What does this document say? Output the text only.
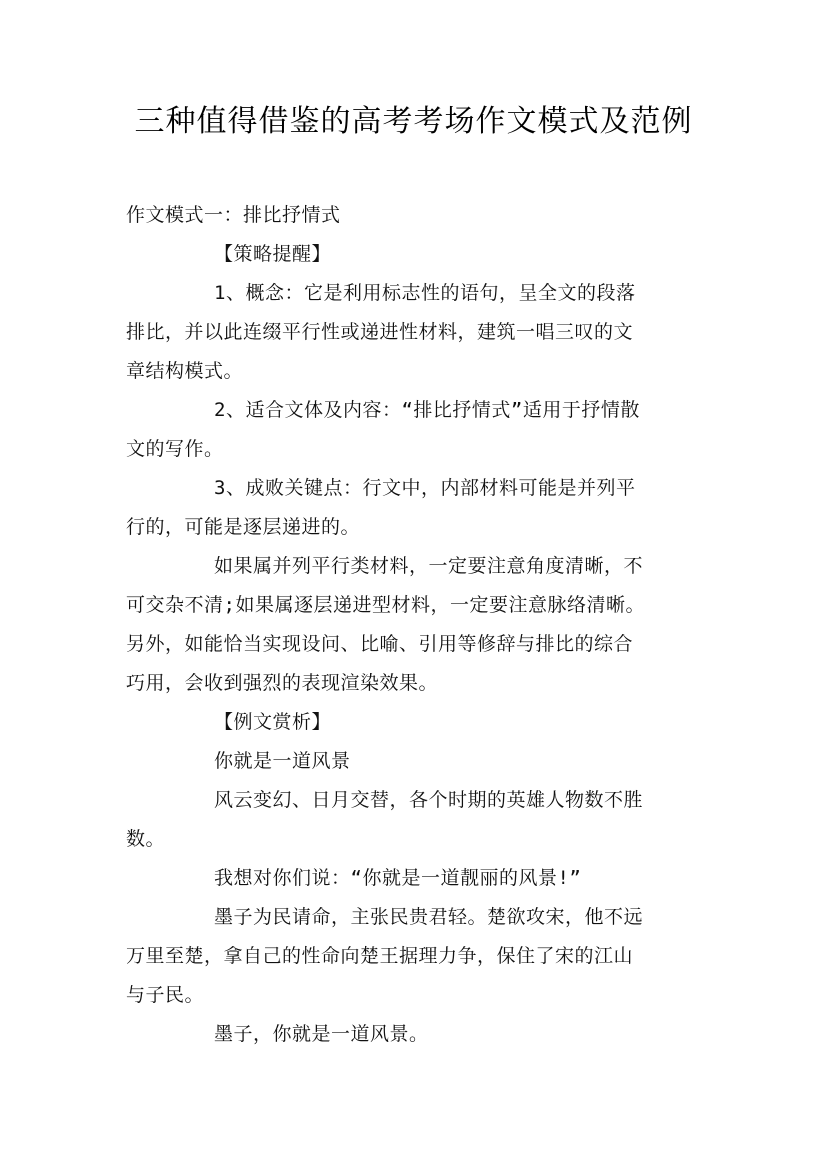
三种值得借鉴的高考考场作文模式及范例
作文模式一：排比抒情式
【策略提醒】
1、概念：它是利用标志性的语句，呈全文的段落
排比，并以此连缀平行性或递进性材料，建筑一唱三叹的文
章结构模式。
2、适合文体及内容：“排比抒情式”适用于抒情散
文的写作。
3、成败关键点：行文中，内部材料可能是并列平
行的，可能是逐层递进的。
如果属并列平行类材料，一定要注意角度清晰，不
可交杂不清;如果属逐层递进型材料，一定要注意脉络清晰。
另外，如能恰当实现设问、比喻、引用等修辞与排比的综合
巧用，会收到强烈的表现渲染效果。
【例文赏析】
你就是一道风景
风云变幻、日月交替，各个时期的英雄人物数不胜
数。
我想对你们说：“你就是一道靓丽的风景!”
墨子为民请命，主张民贵君轻。楚欲攻宋，他不远
万里至楚，拿自己的性命向楚王据理力争，保住了宋的江山
与子民。
墨子，你就是一道风景。
